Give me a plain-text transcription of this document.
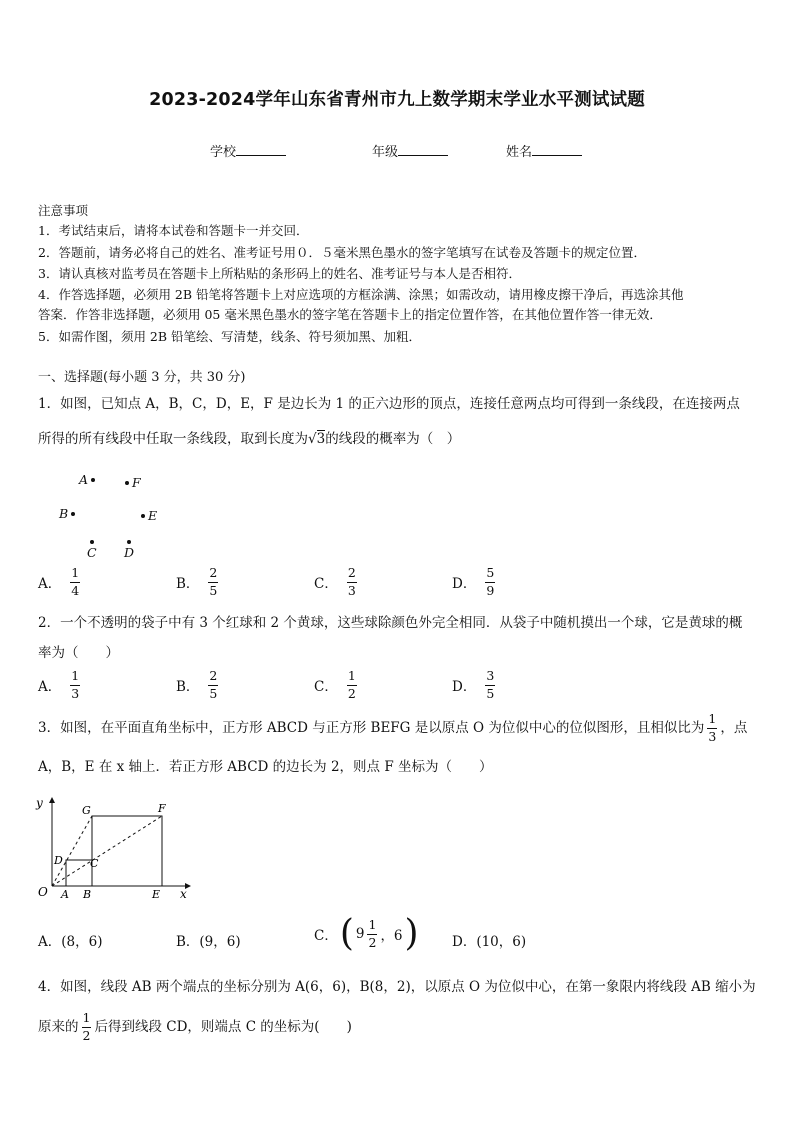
2023-2024学年山东省青州市九上数学期末学业水平测试试题
学校	年级	姓名
注意事项
1．考试结束后，请将本试卷和答题卡一并交回．
2．答题前，请务必将自己的姓名、准考证号用０．５毫米黑色墨水的签字笔填写在试卷及答题卡的规定位置．
3．请认真核对监考员在答题卡上所粘贴的条形码上的姓名、准考证号与本人是否相符．
4．作答选择题，必须用 2B 铅笔将答题卡上对应选项的方框涂满、涂黑；如需改动，请用橡皮擦干净后，再选涂其他
答案．作答非选择题，必须用 05 毫米黑色墨水的签字笔在答题卡上的指定位置作答，在其他位置作答一律无效．
5．如需作图，须用 2B 铅笔绘、写清楚，线条、符号须加黑、加粗．
一、选择题(每小题 3 分，共 30 分)
1．如图，已知点 A，B，C，D，E，F 是边长为 1 的正六边形的顶点，连接任意两点均可得到一条线段，在连接两点
所得的所有线段中任取一条线段，取到长度为√3的线段的概率为（　）
A	F
B	E
C D
A． $\frac{1}{4}$	B． $\frac{2}{5}$	C． $\frac{2}{3}$	D． $\frac{5}{9}$
2．一个不透明的袋子中有 3 个红球和 2 个黄球，这些球除颜色外完全相同．从袋子中随机摸出一个球，它是黄球的概
率为（　　）
A． $\frac{1}{3}$	B． $\frac{2}{5}$	C． $\frac{1}{2}$	D． $\frac{3}{5}$
3．如图，在平面直角坐标中，正方形 ABCD 与正方形 BEFG 是以原点 O 为位似中心的位似图形，且相似比为 $\frac{1}{3}$ ，点
A，B，E 在 x 轴上．若正方形 ABCD 的边长为 2，则点 F 坐标为（　　）
y
x
O A B
C
D
E
F
G
A．(8，6)	B．(9，6)	C． ( $9 \frac{1}{2}$ ，6 ) D．(10，6)
4．如图，线段 AB 两个端点的坐标分别为 A(6，6)，B(8，2)，以原点 O 为位似中心，在第一象限内将线段 AB 缩小为
原来的 $\frac{1}{2}$ 后得到线段 CD，则端点 C 的坐标为(　　)
